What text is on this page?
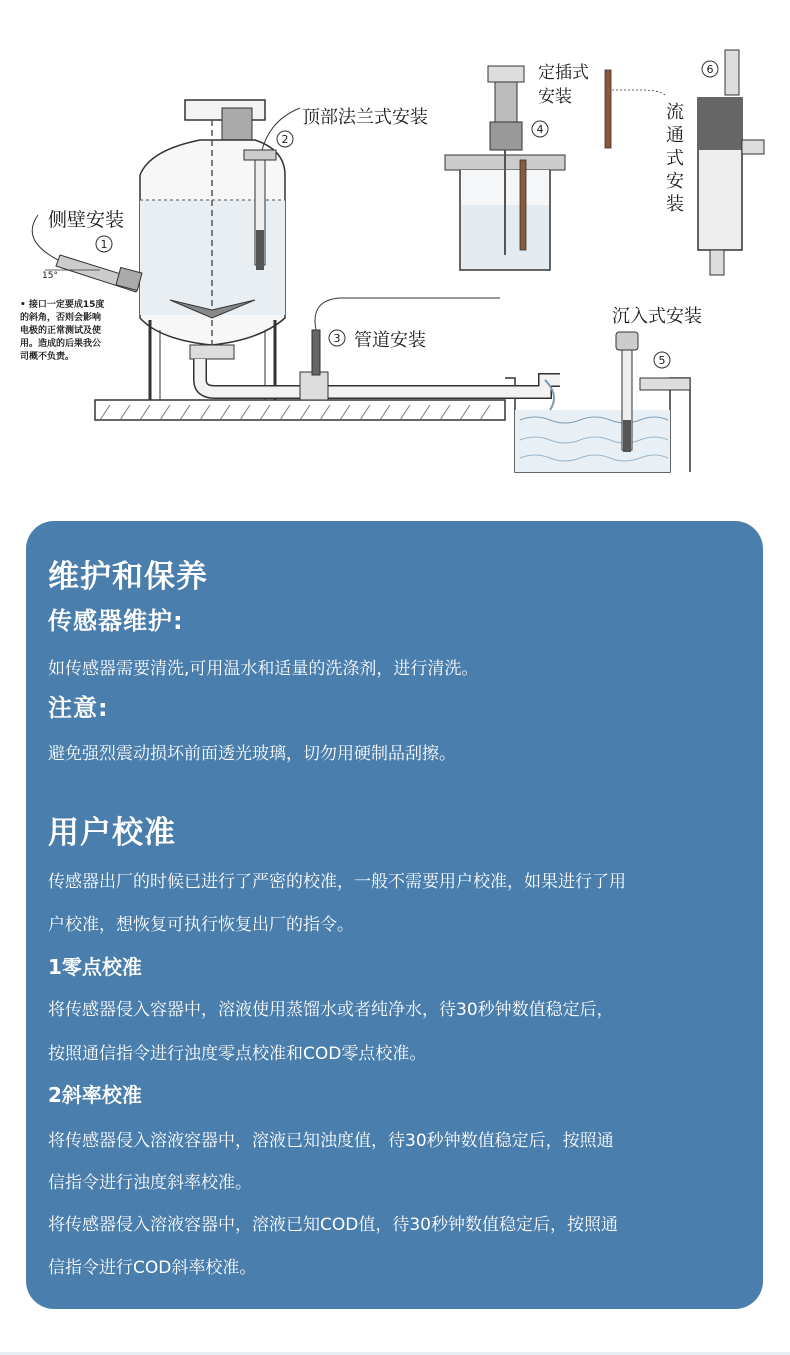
1
2
3
4
5
6
侧壁安装
顶部法兰式安装
管道安装
定插式
安装
沉入式安装
15°
流
通
式
安
装
• 接口一定要成15度
的斜角，否则会影响
电极的正常测试及使
用。造成的后果我公
司概不负责。
维护和保养
传感器维护:
如传感器需要清洗,可用温水和适量的洗涤剂，进行清洗。
注意:
避免强烈震动损坏前面透光玻璃，切勿用硬制品刮擦。
用户校准
传感器出厂的时候已进行了严密的校准，一般不需要用户校准，如果进行了用
户校准，想恢复可执行恢复出厂的指令。
1零点校准
将传感器侵入容器中，溶液使用蒸馏水或者纯净水，待30秒钟数值稳定后，
按照通信指令进行浊度零点校准和COD零点校准。
2斜率校准
将传感器侵入溶液容器中，溶液已知浊度值，待30秒钟数值稳定后，按照通
信指令进行浊度斜率校准。
将传感器侵入溶液容器中，溶液已知COD值，待30秒钟数值稳定后，按照通
信指令进行COD斜率校准。
